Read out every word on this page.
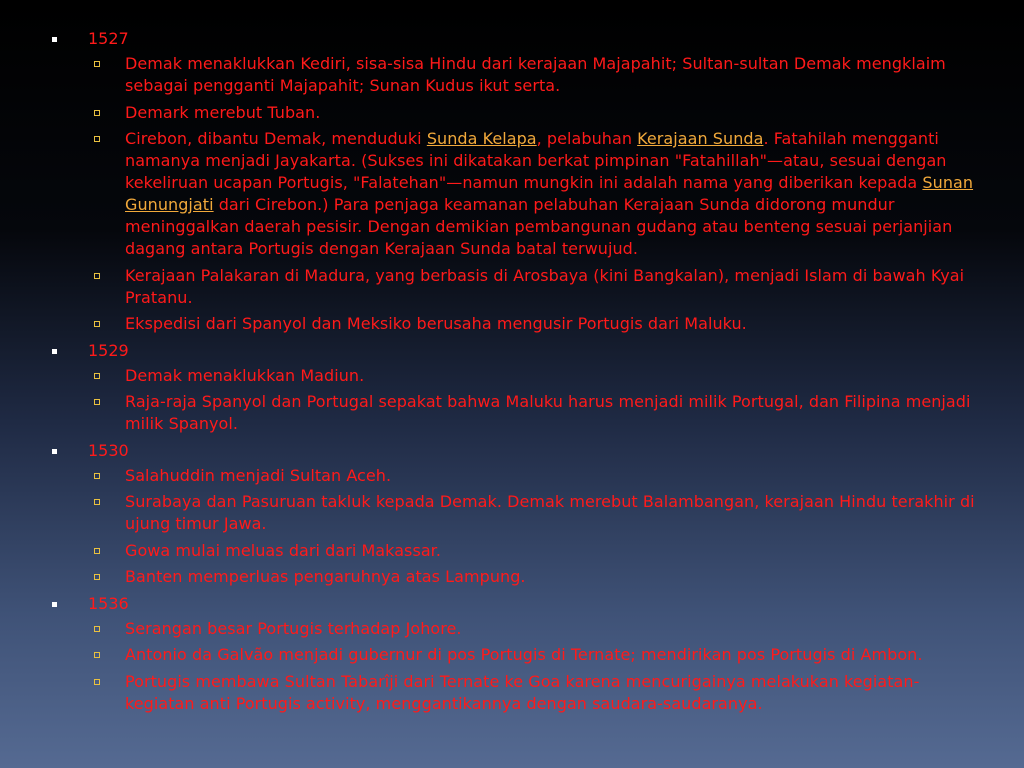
1527
Demak menaklukkan Kediri, sisa-sisa Hindu dari kerajaan Majapahit; Sultan-sultan Demak mengklaim sebagai pengganti Majapahit; Sunan Kudus ikut serta.
Demark merebut Tuban.
Cirebon, dibantu Demak, menduduki Sunda Kelapa, pelabuhan Kerajaan Sunda. Fatahilah mengganti namanya menjadi Jayakarta. (Sukses ini dikatakan berkat pimpinan "Fatahillah"—atau, sesuai dengan kekeliruan ucapan Portugis, "Falatehan"—namun mungkin ini adalah nama yang diberikan kepada Sunan Gunungjati dari Cirebon.) Para penjaga keamanan pelabuhan Kerajaan Sunda didorong mundur meninggalkan daerah pesisir. Dengan demikian pembangunan gudang atau benteng sesuai perjanjian dagang antara Portugis dengan Kerajaan Sunda batal terwujud.
Kerajaan Palakaran di Madura, yang berbasis di Arosbaya (kini Bangkalan), menjadi Islam di bawah Kyai Pratanu.
Ekspedisi dari Spanyol dan Meksiko berusaha mengusir Portugis dari Maluku.
1529
Demak menaklukkan Madiun.
Raja-raja Spanyol dan Portugal sepakat bahwa Maluku harus menjadi milik Portugal, dan Filipina menjadi milik Spanyol.
1530
Salahuddin menjadi Sultan Aceh.
Surabaya dan Pasuruan takluk kepada Demak. Demak merebut Balambangan, kerajaan Hindu terakhir di ujung timur Jawa.
Gowa mulai meluas dari dari Makassar.
Banten memperluas pengaruhnya atas Lampung.
1536
Serangan besar Portugis terhadap Johore.
Antonio da Galvão menjadi gubernur di pos Portugis di Ternate; mendirikan pos Portugis di Ambon.
Portugis membawa Sultan Tabarîji dari Ternate ke Goa karena mencurigainya melakukan kegiatan-kegiatan anti Portugis activity, menggantikannya dengan saudara-saudaranya.
